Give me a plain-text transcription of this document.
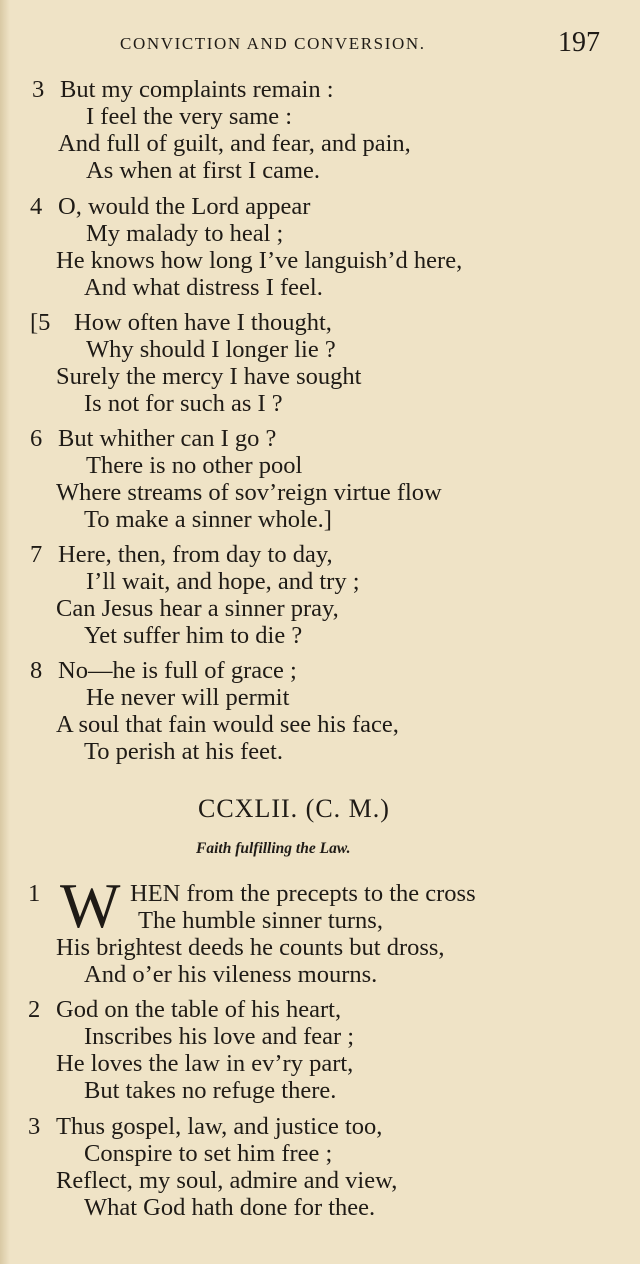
CONVICTION AND CONVERSION.	197
3 But my complaints remain :
I feel the very same :
And full of guilt, and fear, and pain,
As when at first I came.
4 O, would the Lord appear
My malady to heal ;
He knows how long I’ve languish’d here,
And what distress I feel.
[5 How often have I thought,
Why should I longer lie ?
Surely the mercy I have sought
Is not for such as I ?
6 But whither can I go ?
There is no other pool
Where streams of sov’reign virtue flow
To make a sinner whole.]
7 Here, then, from day to day,
I’ll wait, and hope, and try ;
Can Jesus hear a sinner pray,
Yet suffer him to die ?
8 No—he is full of grace ;
He never will permit
A soul that fain would see his face,
To perish at his feet.
CCXLII. (C. M.)
Faith fulfilling the Law.
1 W HEN from the precepts to the cross
The humble sinner turns,
His brightest deeds he counts but dross,
And o’er his vileness mourns.
2 God on the table of his heart,
Inscribes his love and fear ;
He loves the law in ev’ry part,
But takes no refuge there.
3 Thus gospel, law, and justice too,
Conspire to set him free ;
Reflect, my soul, admire and view,
What God hath done for thee.
